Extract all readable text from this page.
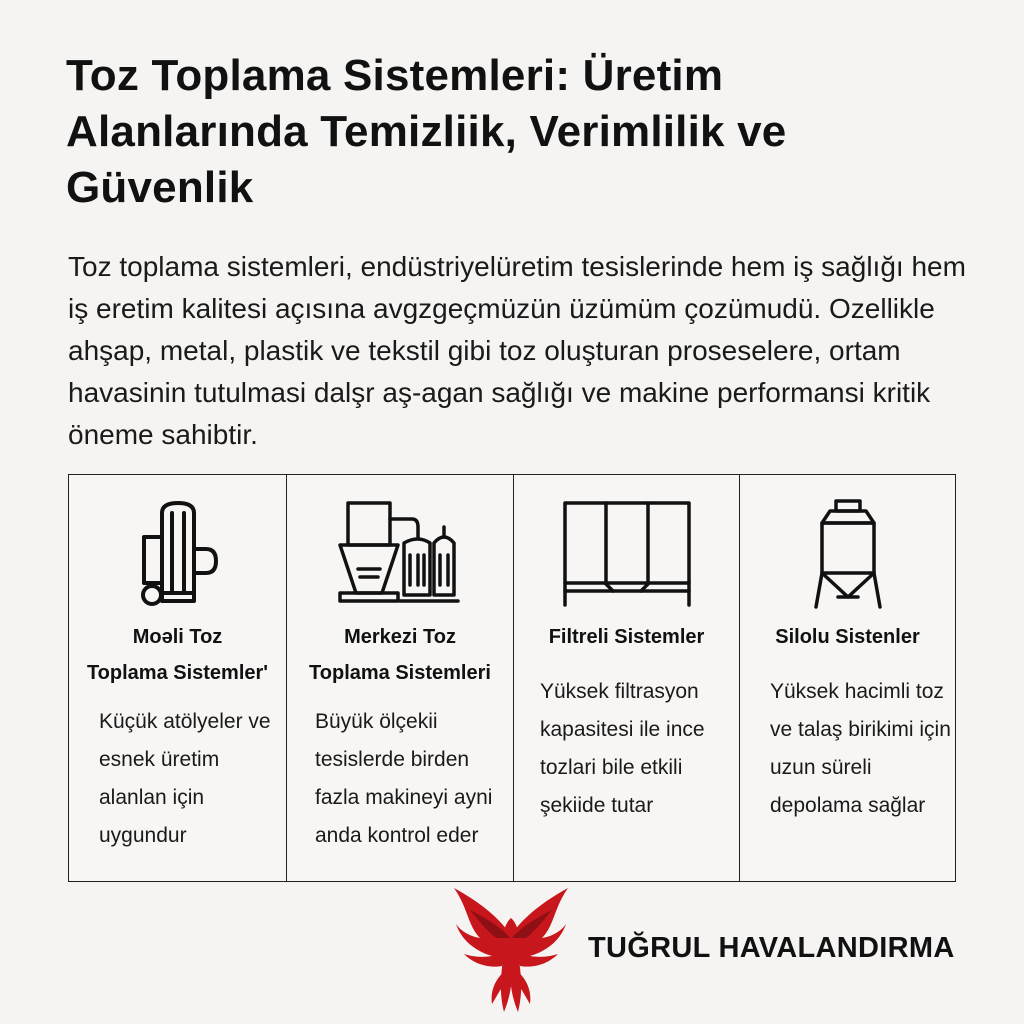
Toz Toplama Sistemleri: Üretim Alanlarında Temizliik, Verimlilik ve Güvenlik

Toz toplama sistemleri, endüstriyelüretim tesislerinde hem iş sağlığı hem iş eretim kalitesi açısına avgzgeçmüzün üzümüm çozümudü. Ozellikle ahşap, metal, plastik ve tekstil gibi toz oluşturan proseselere, ortam havasinin tutulmasi dalşr aş-agan sağlığı ve makine performansi kritik öneme sahibtir.

Moəli Toz
Toplama Sistemler'

Küçük atölyeler ve esnek üretim alanlan için uygundur

Merkezi Toz
Toplama Sistemleri

Büyük ölçekii tesislerde birden fazla makineyi ayni anda kontrol eder

Filtreli Sistemler

Yüksek filtrasyon kapasitesi ile ince tozlari bile etkili şekiide tutar

Silolu Sistenler

Yüksek hacimli toz ve talaş birikimi için uzun süreli depolama sağlar

TUĞRUL HAVALANDIRMA
